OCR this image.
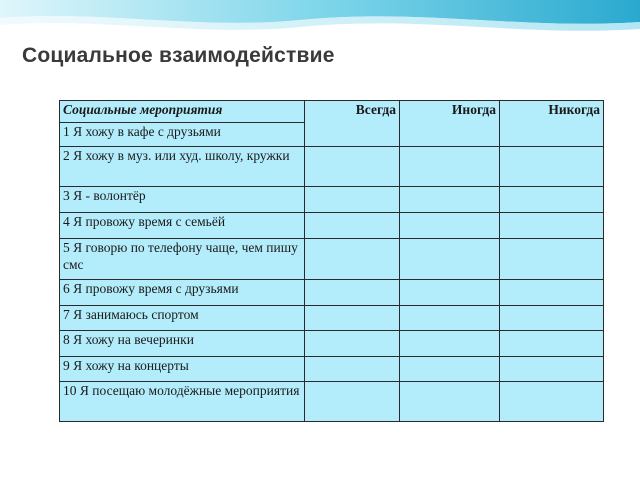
Социальное взаимодействие
Социальные мероприятия	Всегда	Иногда	Никогда
1 Я хожу в кафе с друзьями			
2 Я хожу в муз. или худ. школу, кружки			
3 Я - волонтёр			
4 Я провожу время с семьёй			
5 Я говорю по телефону чаще, чем пишу смс			
6 Я провожу время с друзьями			
7 Я занимаюсь спортом			
8 Я хожу на вечеринки			
9 Я хожу на концерты			
10 Я посещаю молодёжные мероприятия			
